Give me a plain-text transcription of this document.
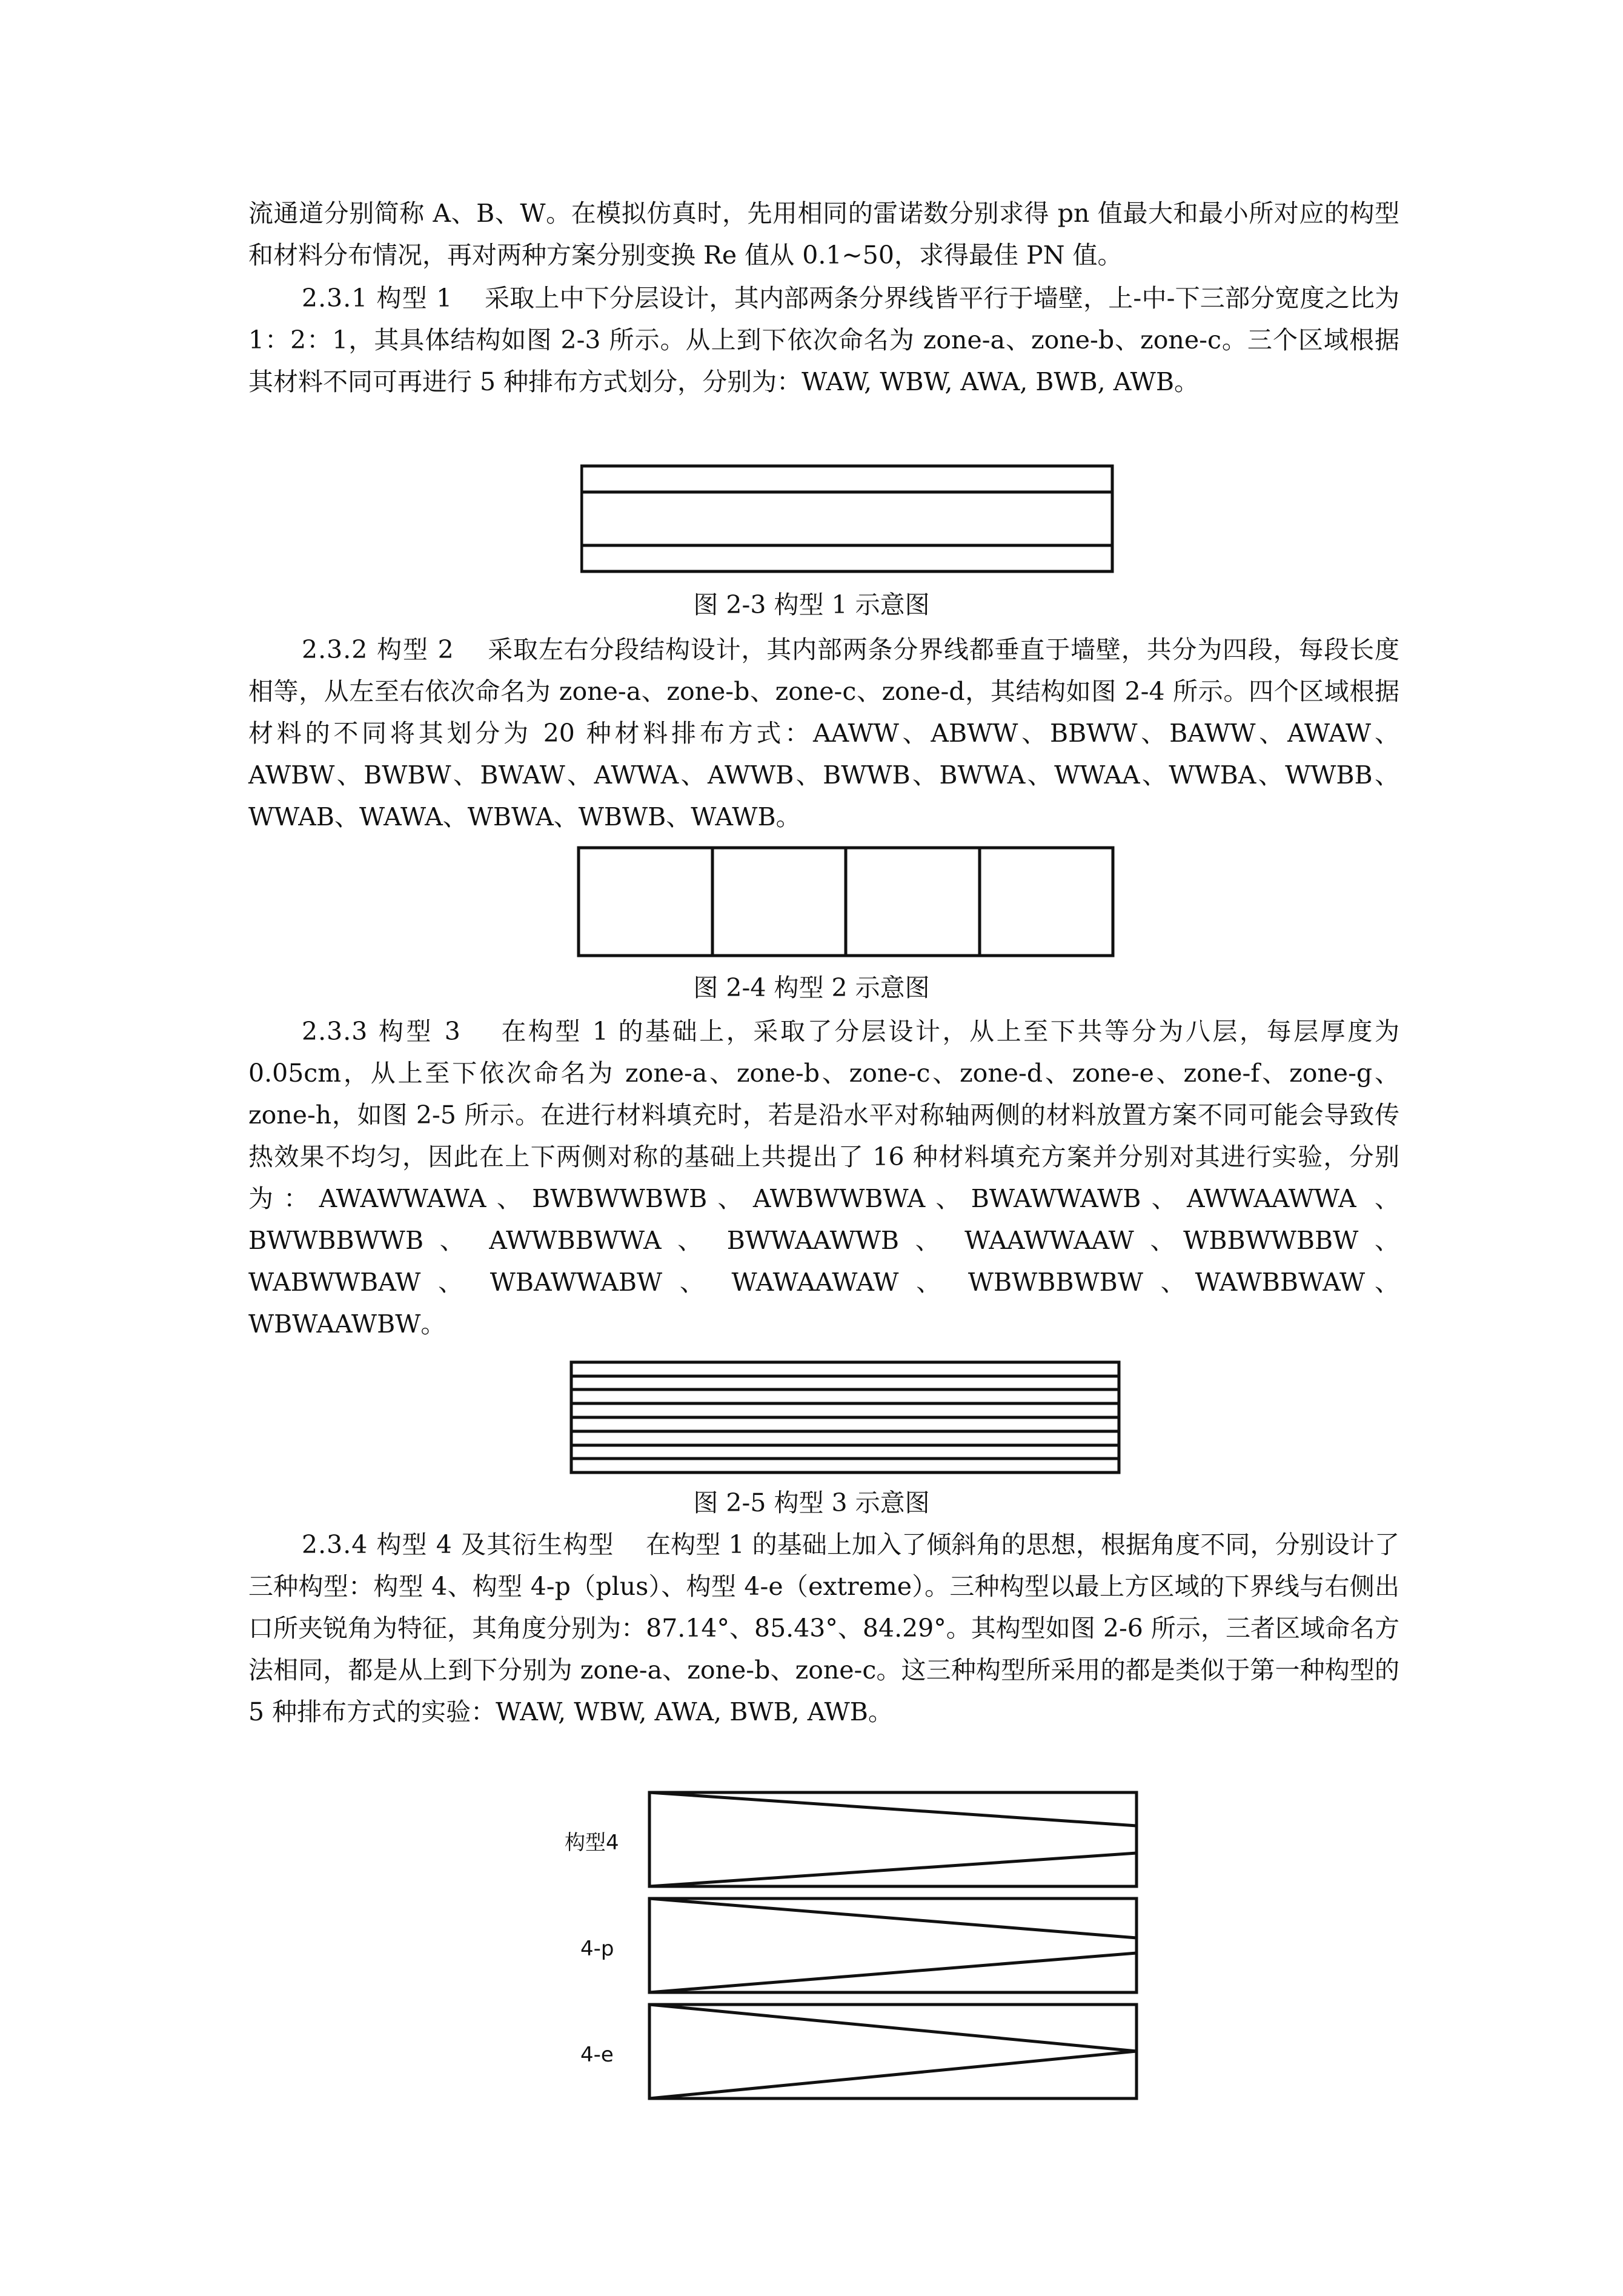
流通道分别简称 A、B、W。在模拟仿真时，先用相同的雷诺数分别求得 pn 值最大和最小所对应的构型和材料分布情况，再对两种方案分别变换 Re 值从 0.1~50，求得最佳 PN 值。

2.3.1 构型 1 采取上中下分层设计，其内部两条分界线皆平行于墙壁，上-中-下三部分宽度之比为 1：2：1，其具体结构如图 2-3 所示。从上到下依次命名为 zone-a、zone-b、zone-c。三个区域根据其材料不同可再进行 5 种排布方式划分，分别为：WAW, WBW, AWA, BWB, AWB。

图 2-3 构型 1 示意图

2.3.2 构型 2 采取左右分段结构设计，其内部两条分界线都垂直于墙壁，共分为四段，每段长度相等，从左至右依次命名为 zone-a、zone-b、zone-c、zone-d，其结构如图 2-4 所示。四个区域根据材料的不同将其划分为 20 种材料排布方式：AAWW、ABWW、BBWW、BAWW、AWAW、AWBW、BWBW、BWAW、AWWA、AWWB、BWWB、BWWA、WWAA、WWBA、WWBB、WWAB、WAWA、WBWA、WBWB、WAWB。

图 2-4 构型 2 示意图

2.3.3 构型 3 在构型 1 的基础上，采取了分层设计，从上至下共等分为八层，每层厚度为 0.05cm，从上至下依次命名为 zone-a、zone-b、zone-c、zone-d、zone-e、zone-f、zone-g、zone-h，如图 2-5 所示。在进行材料填充时，若是沿水平对称轴两侧的材料放置方案不同可能会导致传热效果不均匀，因此在上下两侧对称的基础上共提出了 16 种材料填充方案并分别对其进行实验，分别为：AWAWWAWA、BWBWWBWB、AWBWWBWA、BWAWWAWB、AWWAAWWA 、 BWWBBWWB 、 AWWBBWWA 、 BWWAAWWB 、 WAAWWAAW 、WBBWWBBW 、 WABWWBAW 、 WBAWWABW 、 WAWAAWAW 、 WBWBBWBW 、WAWBBWAW、WBWAAWBW。

图 2-5 构型 3 示意图

2.3.4 构型 4 及其衍生构型 在构型 1 的基础上加入了倾斜角的思想，根据角度不同，分别设计了三种构型：构型 4、构型 4-p（plus）、构型 4-e（extreme）。三种构型以最上方区域的下界线与右侧出口所夹锐角为特征，其角度分别为：87.14°、85.43°、84.29°。其构型如图 2-6 所示，三者区域命名方法相同，都是从上到下分别为 zone-a、zone-b、zone-c。这三种构型所采用的都是类似于第一种构型的 5 种排布方式的实验：WAW, WBW, AWA, BWB, AWB。

构型4
4-p
4-e
